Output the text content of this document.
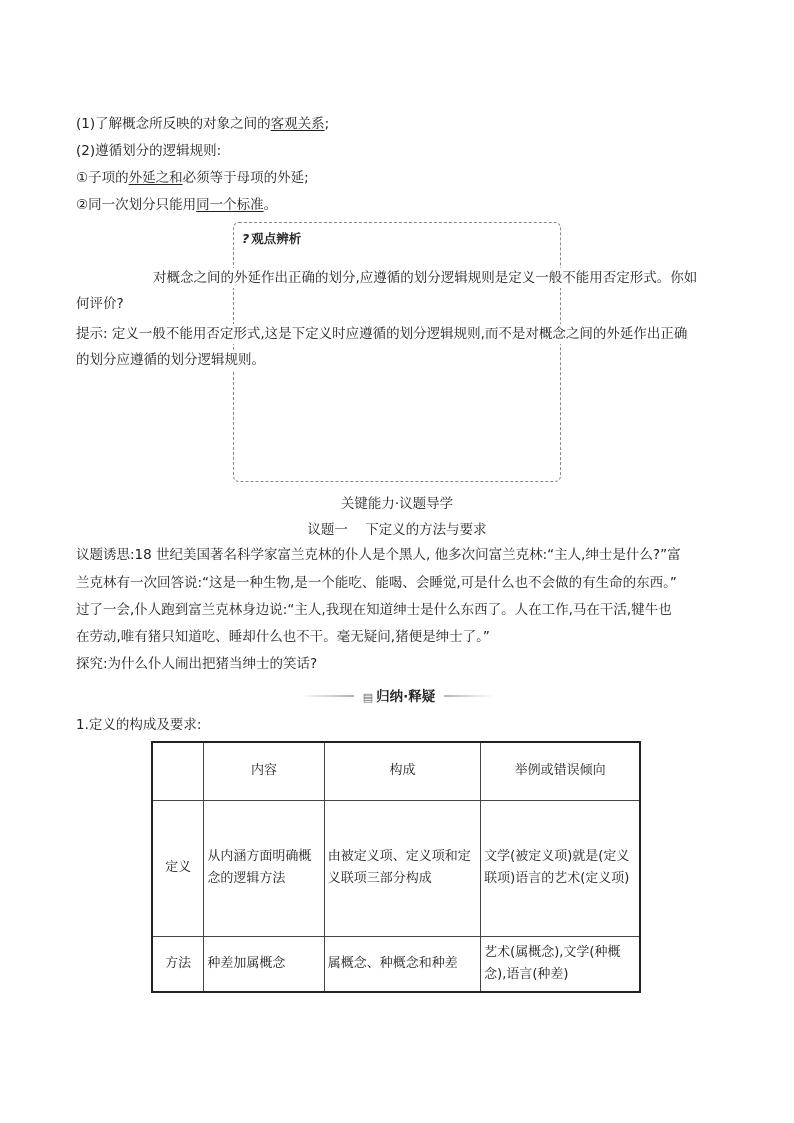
(1)了解概念所反映的对象之间的客观关系;
(2)遵循划分的逻辑规则:
①子项的外延之和必须等于母项的外延;
②同一次划分只能用同一个标准。
? 观点辨析
对概念之间的外延作出正确的划分,应遵循的划分逻辑规则是定义一般不能用否定形式。你如
何评价?
提示: 定义一般不能用否定形式,这是下定义时应遵循的划分逻辑规则,而不是对概念之间的外延作出正确
的划分应遵循的划分逻辑规则。
关键能力·议题导学
议题一    下定义的方法与要求
议题诱思:18 世纪美国著名科学家富兰克林的仆人是个黑人, 他多次问富兰克林:“主人,绅士是什么?”富
兰克林有一次回答说:“这是一种生物,是一个能吃、能喝、会睡觉,可是什么也不会做的有生命的东西。”
过了一会,仆人跑到富兰克林身边说:“主人,我现在知道绅士是什么东西了。人在工作,马在干活,犍牛也
在劳动,唯有猪只知道吃、睡却什么也不干。毫无疑问,猪便是绅士了。”
探究:为什么仆人闹出把猪当绅士的笑话?
▤ 归纳·释疑
1.定义的构成及要求:
	内容	构成	举例或错误倾向
定义	从内涵方面明确概念的逻辑方法	由被定义项、定义项和定义联项三部分构成	文学(被定义项)就是(定义联项)语言的艺术(定义项)
方法	种差加属概念	属概念、种概念和种差	艺术(属概念),文学(种概念),语言(种差)
